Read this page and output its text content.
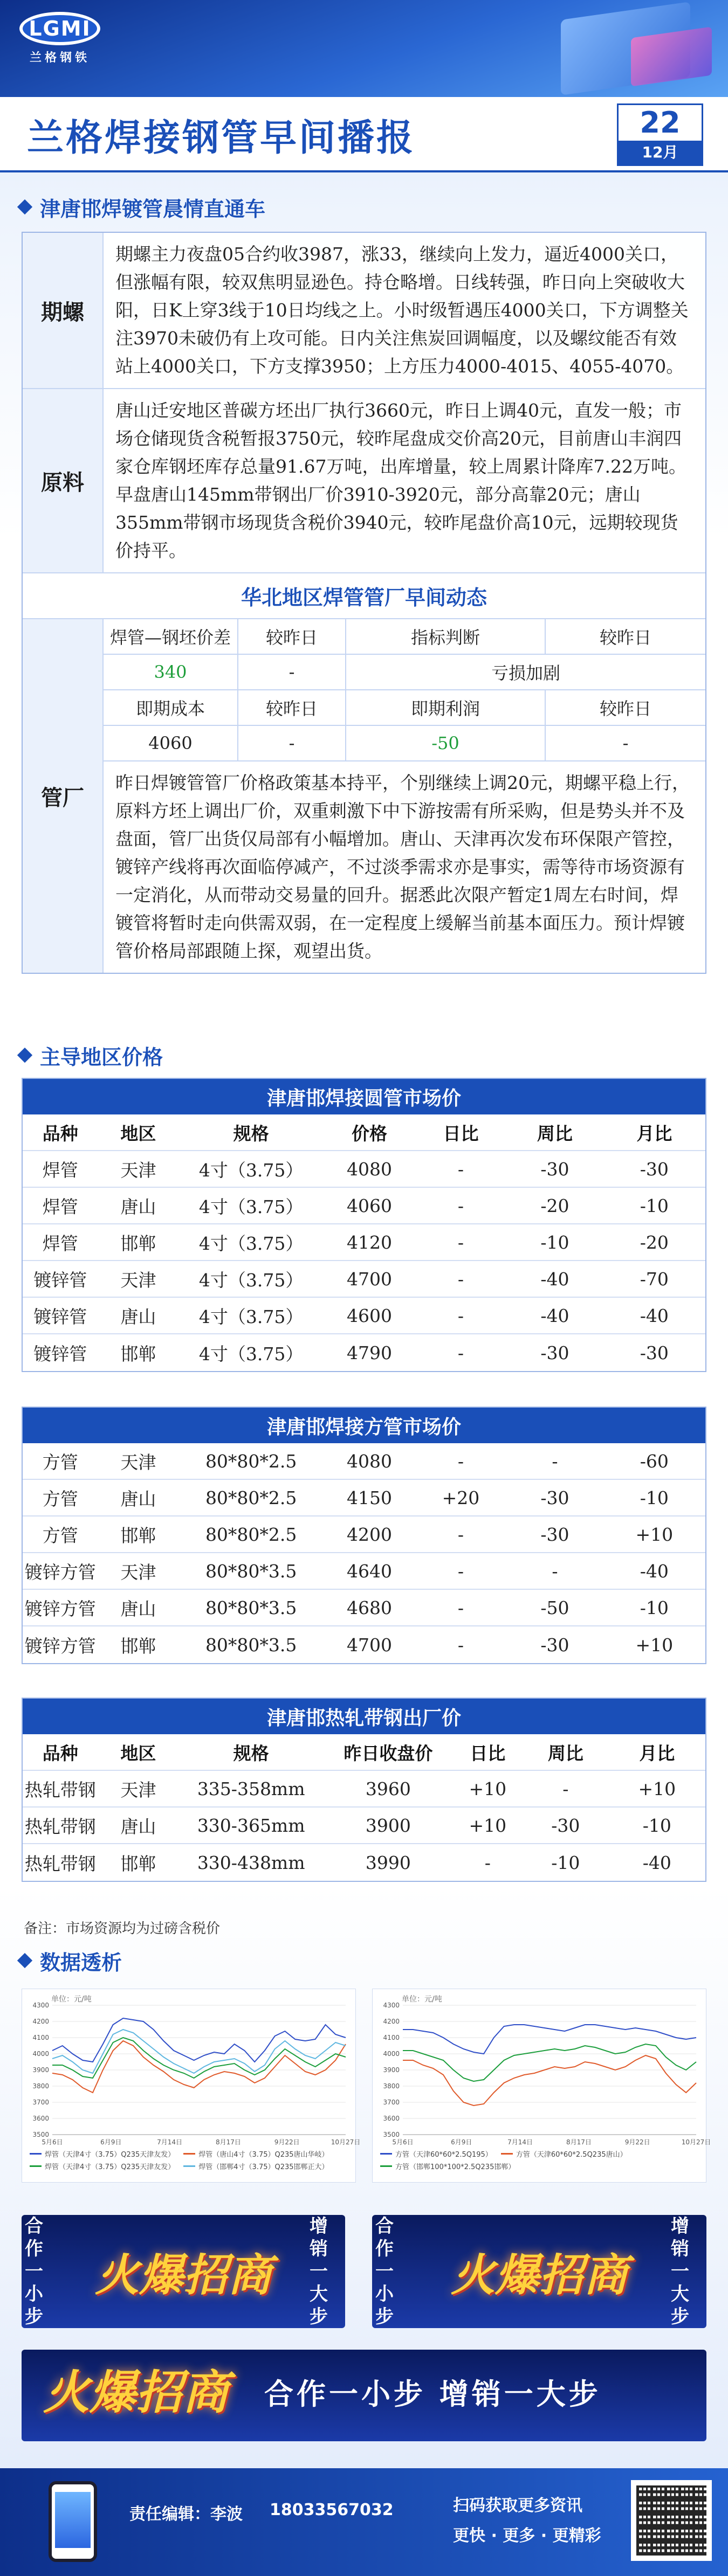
LGMI
兰格钢铁
兰格焊接钢管早间播报	22
12月
津唐邯焊镀管晨情直通车
期螺
期螺主力夜盘05合约收3987，涨33，继续向上发力，逼近4000关口，但涨幅有限，较双焦明显逊色。持仓略增。日线转强，昨日向上突破收大阳，日K上穿3线于10日均线之上。小时级暂遇压4000关口，下方调整关注3970未破仍有上攻可能。日内关注焦炭回调幅度，以及螺纹能否有效站上4000关口，下方支撑3950；上方压力4000-4015、4055-4070。
原料
唐山迁安地区普碳方坯出厂执行3660元，昨日上调40元，直发一般；市场仓储现货含税暂报3750元，较昨尾盘成交价高20元，目前唐山丰润四家仓库钢坯库存总量91.67万吨，出库增量，较上周累计降库7.22万吨。早盘唐山145mm带钢出厂价3910-3920元，部分高靠20元；唐山355mm带钢市场现货含税价3940元，较昨尾盘价高10元，远期较现货价持平。
华北地区焊管管厂早间动态
管厂
焊管—钢坯价差	较昨日	指标判断	较昨日
340	-	亏损加剧
即期成本	较昨日	即期利润	较昨日
4060	-	-50	-
昨日焊镀管管厂价格政策基本持平，个别继续上调20元，期螺平稳上行，原料方坯上调出厂价，双重刺激下中下游按需有所采购，但是势头并不及盘面，管厂出货仅局部有小幅增加。唐山、天津再次发布环保限产管控，镀锌产线将再次面临停减产，不过淡季需求亦是事实，需等待市场资源有一定消化，从而带动交易量的回升。据悉此次限产暂定1周左右时间，焊镀管将暂时走向供需双弱，在一定程度上缓解当前基本面压力。预计焊镀管价格局部跟随上探，观望出货。
主导地区价格
津唐邯焊接圆管市场价
品种	地区	规格	价格	日比	周比	月比
焊管	天津	4寸（3.75）	4080	-	-30	-30
焊管	唐山	4寸（3.75）	4060	-	-20	-10
焊管	邯郸	4寸（3.75）	4120	-	-10	-20
镀锌管	天津	4寸（3.75）	4700	-	-40	-70
镀锌管	唐山	4寸（3.75）	4600	-	-40	-40
镀锌管	邯郸	4寸（3.75）	4790	-	-30	-30
津唐邯焊接方管市场价
方管	天津	80*80*2.5	4080	-	-	-60
方管	唐山	80*80*2.5	4150	+20	-30	-10
方管	邯郸	80*80*2.5	4200	-	-30	+10
镀锌方管	天津	80*80*3.5	4640	-	-	-40
镀锌方管	唐山	80*80*3.5	4680	-	-50	-10
镀锌方管	邯郸	80*80*3.5	4700	-	-30	+10
津唐邯热轧带钢出厂价
品种	地区	规格	昨日收盘价	日比	周比	月比
热轧带钢	天津	335-358mm	3960	+10	-	+10
热轧带钢	唐山	330-365mm	3900	+10	-30	-10
热轧带钢	邯郸	330-438mm	3990	-	-10	-40
备注：市场资源均为过磅含税价
数据透析
3500
3600
3700
3800
3900
4000
4100
4200
4300
5月6日	6月9日	7月14日	8月17日	9月22日	10月27日
单位：元/吨
焊管（天津4寸（3.75）Q235天津友发）	焊管（唐山4寸（3.75）Q235唐山华岐）
焊管（天津4寸（3.75）Q235天津友发）	焊管（邯郸4寸（3.75）Q235邯郸正大）
3500
3600
3700
3800
3900
4000
4100
4200
4300
5月6日	6月9日	7月14日	8月17日	9月22日	10月27日
单位：元/吨
方管（天津60*60*2.5Q195）	方管（天津60*60*2.5Q235唐山）
方管（邯郸100*100*2.5Q235邯郸）
合作一小步
火爆招商
增销一大步
合作一小步
火爆招商
增销一大步
火爆招商 合作一小步 增销一大步
责任编辑：李波 18033567032	扫码获取更多资讯
更快 · 更多 · 更精彩
